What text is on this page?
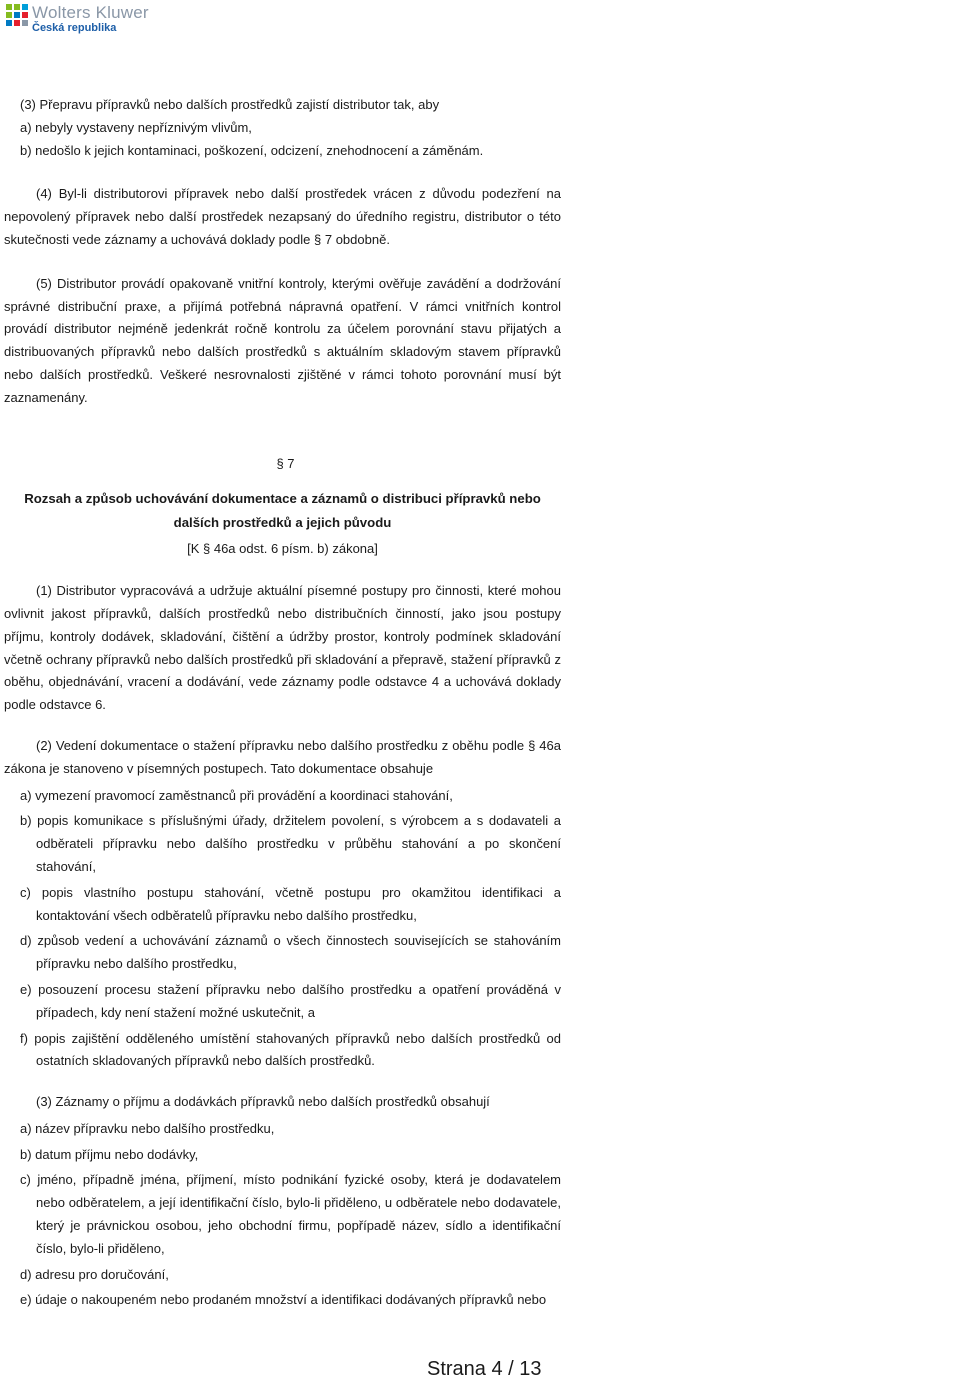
Wolters Kluwer
Česká republika

(3) Přepravu přípravků nebo dalších prostředků zajistí distributor tak, aby

a) nebyly vystaveny nepříznivým vlivům,

b) nedošlo k jejich kontaminaci, poškození, odcizení, znehodnocení a záměnám.

(4) Byl-li distributorovi přípravek nebo další prostředek vrácen z důvodu podezření na nepovolený přípravek nebo další prostředek nezapsaný do úředního registru, distributor o této skutečnosti vede záznamy a uchovává doklady podle § 7 obdobně.

(5) Distributor provádí opakovaně vnitřní kontroly, kterými ověřuje zavádění a dodržování správné distribuční praxe, a přijímá potřebná nápravná opatření. V rámci vnitřních kontrol provádí distributor nejméně jedenkrát ročně kontrolu za účelem porovnání stavu přijatých a distribuovaných přípravků nebo dalších prostředků s aktuálním skladovým stavem přípravků nebo dalších prostředků. Veškeré nesrovnalosti zjištěné v rámci tohoto porovnání musí být zaznamenány.

§ 7

Rozsah a způsob uchovávání dokumentace a záznamů o distribuci přípravků nebo dalších prostředků a jejich původu

[K § 46a odst. 6 písm. b) zákona]

(1) Distributor vypracovává a udržuje aktuální písemné postupy pro činnosti, které mohou ovlivnit jakost přípravků, dalších prostředků nebo distribučních činností, jako jsou postupy příjmu, kontroly dodávek, skladování, čištění a údržby prostor, kontroly podmínek skladování včetně ochrany přípravků nebo dalších prostředků při skladování a přepravě, stažení přípravků z oběhu, objednávání, vracení a dodávání, vede záznamy podle odstavce 4 a uchovává doklady podle odstavce 6.

(2) Vedení dokumentace o stažení přípravku nebo dalšího prostředku z oběhu podle § 46a zákona je stanoveno v písemných postupech. Tato dokumentace obsahuje

a) vymezení pravomocí zaměstnanců při provádění a koordinaci stahování,

b) popis komunikace s příslušnými úřady, držitelem povolení, s výrobcem a s dodavateli a odběrateli přípravku nebo dalšího prostředku v průběhu stahování a po skončení stahování,

c) popis vlastního postupu stahování, včetně postupu pro okamžitou identifikaci a kontaktování všech odběratelů přípravku nebo dalšího prostředku,

d) způsob vedení a uchovávání záznamů o všech činnostech souvisejících se stahováním přípravku nebo dalšího prostředku,

e) posouzení procesu stažení přípravku nebo dalšího prostředku a opatření prováděná v případech, kdy není stažení možné uskutečnit, a

f) popis zajištění odděleného umístění stahovaných přípravků nebo dalších prostředků od ostatních skladovaných přípravků nebo dalších prostředků.

(3) Záznamy o příjmu a dodávkách přípravků nebo dalších prostředků obsahují

a) název přípravku nebo dalšího prostředku,

b) datum příjmu nebo dodávky,

c) jméno, případně jména, příjmení, místo podnikání fyzické osoby, která je dodavatelem nebo odběratelem, a její identifikační číslo, bylo-li přiděleno, u odběratele nebo dodavatele, který je právnickou osobou, jeho obchodní firmu, popřípadě název, sídlo a identifikační číslo, bylo-li přiděleno,

d) adresu pro doručování,

e) údaje o nakoupeném nebo prodaném množství a identifikaci dodávaných přípravků nebo

Strana 4 / 13
